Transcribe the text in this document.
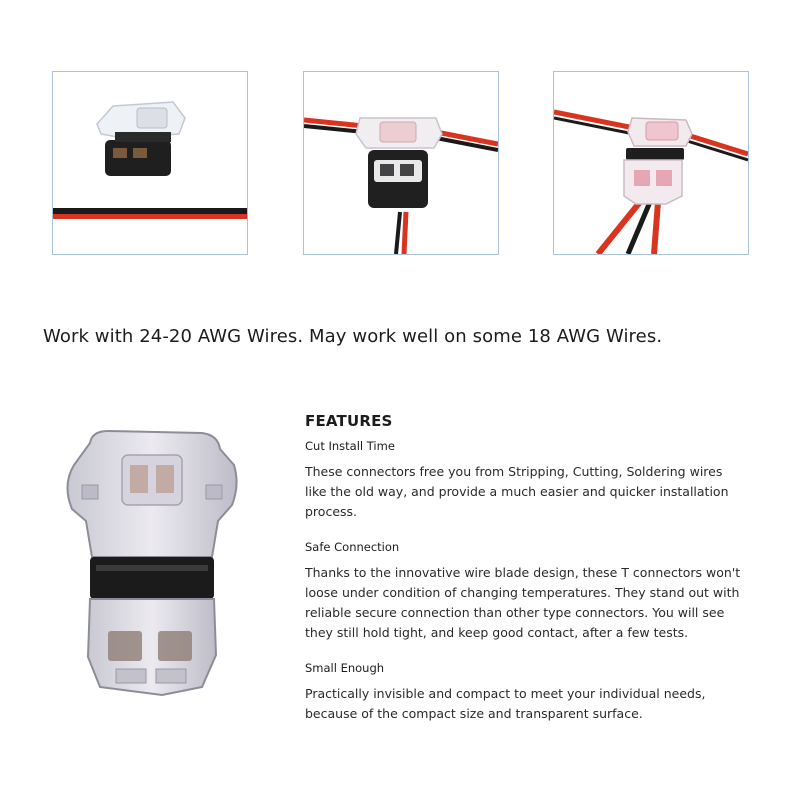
Work with 24-20 AWG Wires. May work well on some 18 AWG Wires.
FEATURES
Cut Install Time

These connectors free you from Stripping, Cutting, Soldering wires like the old way, and provide a much easier and quicker installation process.

Safe Connection

Thanks to the innovative wire blade design, these T connectors won't loose under condition of changing temperatures. They stand out with reliable secure connection than other type connectors. You will see they still hold tight, and keep good contact, after a few tests.

Small Enough

Practically invisible and compact to meet your individual needs, because of the compact size and transparent surface.
